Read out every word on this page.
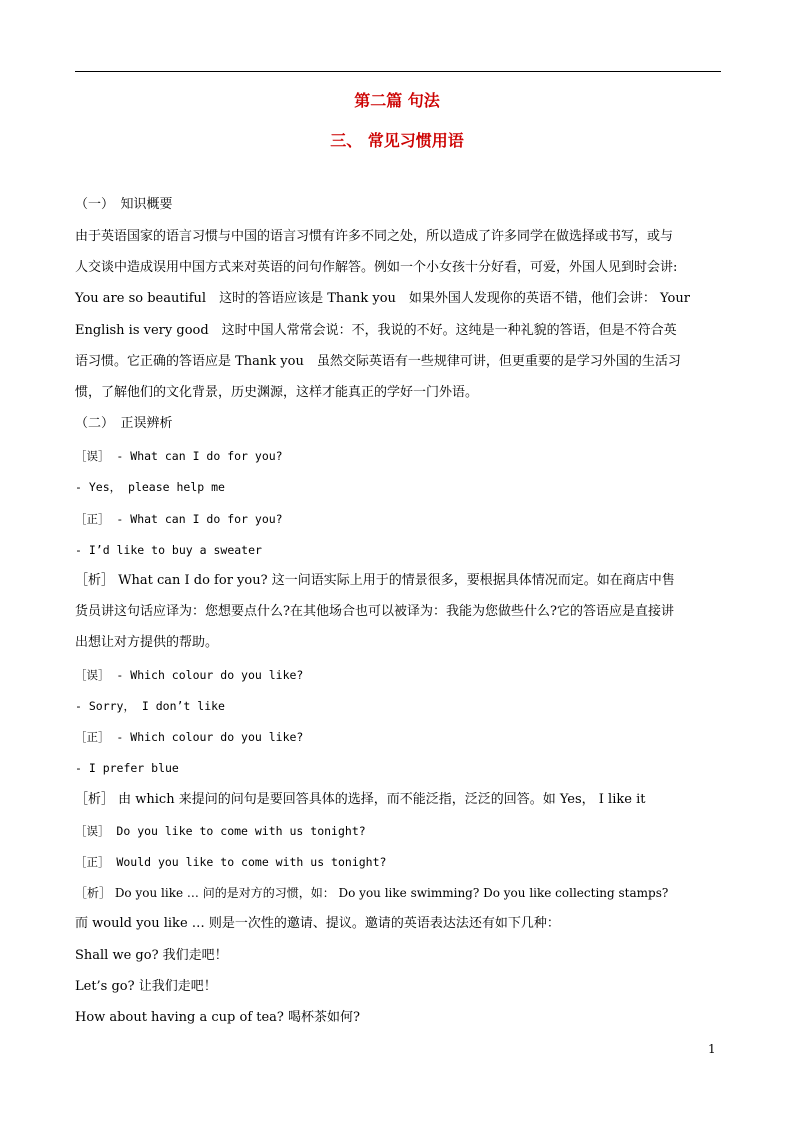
第二篇 句法
三、 常见习惯用语
（一）　知识概要
由于英语国家的语言习惯与中国的语言习惯有许多不同之处，所以造成了许多同学在做选择或书写，或与
人交谈中造成误用中国方式来对英语的问句作解答。例如一个小女孩十分好看，可爱，外国人见到时会讲:
You are so beautiful　这时的答语应该是 Thank you　如果外国人发现你的英语不错，他们会讲： Your
English is very good　这时中国人常常会说：不，我说的不好。这纯是一种礼貌的答语，但是不符合英
语习惯。它正确的答语应是 Thank you　虽然交际英语有一些规律可讲，但更重要的是学习外国的生活习
惯，了解他们的文化背景，历史渊源，这样才能真正的学好一门外语。
（二）　正误辨析
［误］ - What can I do for you?
- Yes， please help me
［正］ - What can I do for you?
- I’d like to buy a sweater
［析］ What can I do for you? 这一问语实际上用于的情景很多，要根据具体情况而定。如在商店中售
货员讲这句话应译为：您想要点什么?在其他场合也可以被译为：我能为您做些什么?它的答语应是直接讲
出想让对方提供的帮助。
［误］ - Which colour do you like?
- Sorry， I don’t like
［正］ - Which colour do you like?
- I prefer blue
［析］ 由 which 来提问的问句是要回答具体的选择，而不能泛指，泛泛的回答。如 Yes， I like it
［误］ Do you like to come with us tonight?
［正］ Would you like to come with us tonight?
［析］ Do you like … 问的是对方的习惯，如： Do you like swimming? Do you like collecting stamps?
而 would you like … 则是一次性的邀请、提议。邀请的英语表达法还有如下几种：
Shall we go? 我们走吧！
Let’s go? 让我们走吧！
How about having a cup of tea? 喝杯茶如何?
1
